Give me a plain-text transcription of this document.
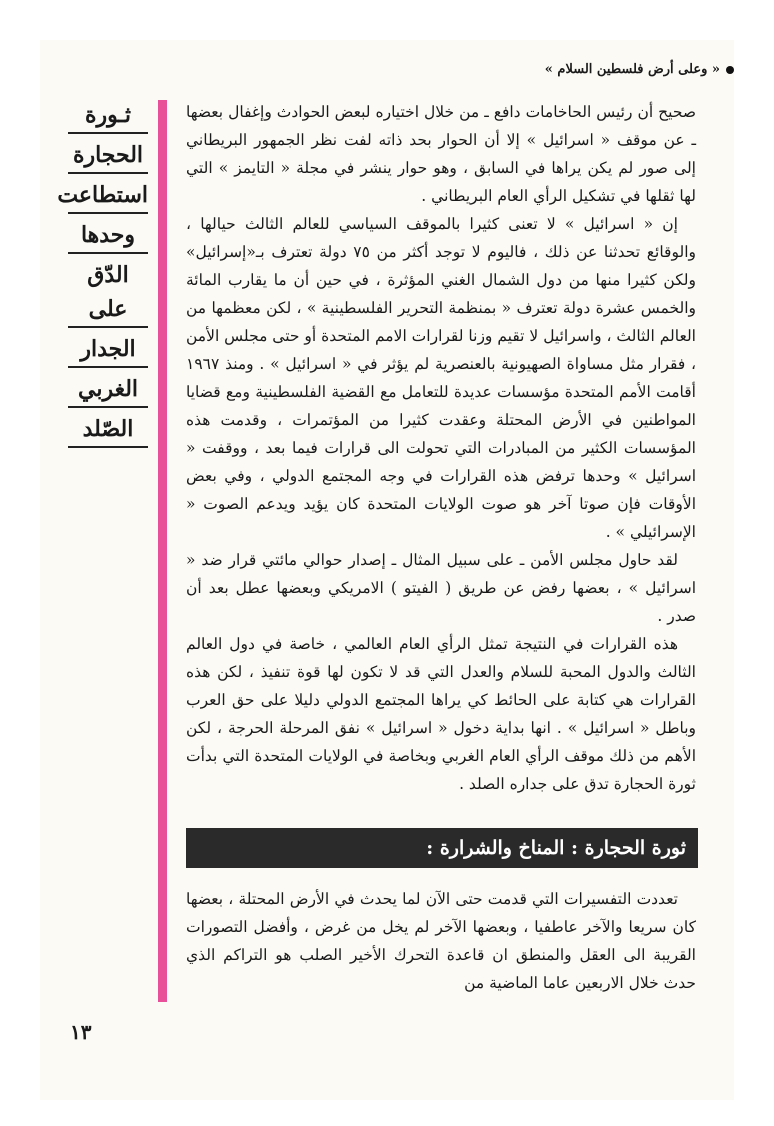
« وعلى أرض فلسطين السلام »
ثـورة
الحجارة
استطاعت
وحدها
الدّق على
الجدار
الغربي
الصّلد

صحيح أن رئيس الحاخامات دافع ـ من خلال اختياره لبعض الحوادث وإغفال بعضها ـ عن موقف « اسرائيل » إلا أن الحوار بحد ذاته لفت نظر الجمهور البريطاني إلى صور لم يكن يراها في السابق ، وهو حوار ينشر في مجلة « التايمز » التي لها ثقلها في تشكيل الرأي العام البريطاني .

إن « اسرائيل » لا تعنى كثيرا بالموقف السياسي للعالم الثالث حيالها ، والوقائع تحدثنا عن ذلك ، فاليوم لا توجد أكثر من ٧٥ دولة تعترف بـ«إسرائيل» ولكن كثيرا منها من دول الشمال الغني المؤثرة ، في حين أن ما يقارب المائة والخمس عشرة دولة تعترف « بمنظمة التحرير الفلسطينية » ، لكن معظمها من العالم الثالث ، واسرائيل لا تقيم وزنا لقرارات الامم المتحدة أو حتى مجلس الأمن ، فقرار مثل مساواة الصهيونية بالعنصرية لم يؤثر في « اسرائيل » . ومنذ ١٩٦٧ أقامت الأمم المتحدة مؤسسات عديدة للتعامل مع القضية الفلسطينية ومع قضايا المواطنين في الأرض المحتلة وعقدت كثيرا من المؤتمرات ، وقدمت هذه المؤسسات الكثير من المبادرات التي تحولت الى قرارات فيما بعد ، ووقفت « اسرائيل » وحدها ترفض هذه القرارات في وجه المجتمع الدولي ، وفي بعض الأوقات فإن صوتا آخر هو صوت الولايات المتحدة كان يؤيد ويدعم الصوت « الإسرائيلي » .

لقد حاول مجلس الأمن ـ على سبيل المثال ـ إصدار حوالي مائتي قرار ضد « اسرائيل » ، بعضها رفض عن طريق ( الفيتو ) الامريكي وبعضها عطل بعد أن صدر .

هذه القرارات في النتيجة تمثل الرأي العام العالمي ، خاصة في دول العالم الثالث والدول المحبة للسلام والعدل التي قد لا تكون لها قوة تنفيذ ، لكن هذه القرارات هي كتابة على الحائط كي يراها المجتمع الدولي دليلا على حق العرب وباطل « اسرائيل » . انها بداية دخول « اسرائيل » نفق المرحلة الحرجة ، لكن الأهم من ذلك موقف الرأي العام الغربي وبخاصة في الولايات المتحدة التي بدأت ثورة الحجارة تدق على جداره الصلد .

ثورة الحجارة : المناخ والشرارة :

تعددت التفسيرات التي قدمت حتى الآن لما يحدث في الأرض المحتلة ، بعضها كان سريعا والآخر عاطفيا ، وبعضها الآخر لم يخل من غرض ، وأفضل التصورات القريبة الى العقل والمنطق ان قاعدة التحرك الأخير الصلب هو التراكم الذي حدث خلال الاربعين عاما الماضية من

١٣
